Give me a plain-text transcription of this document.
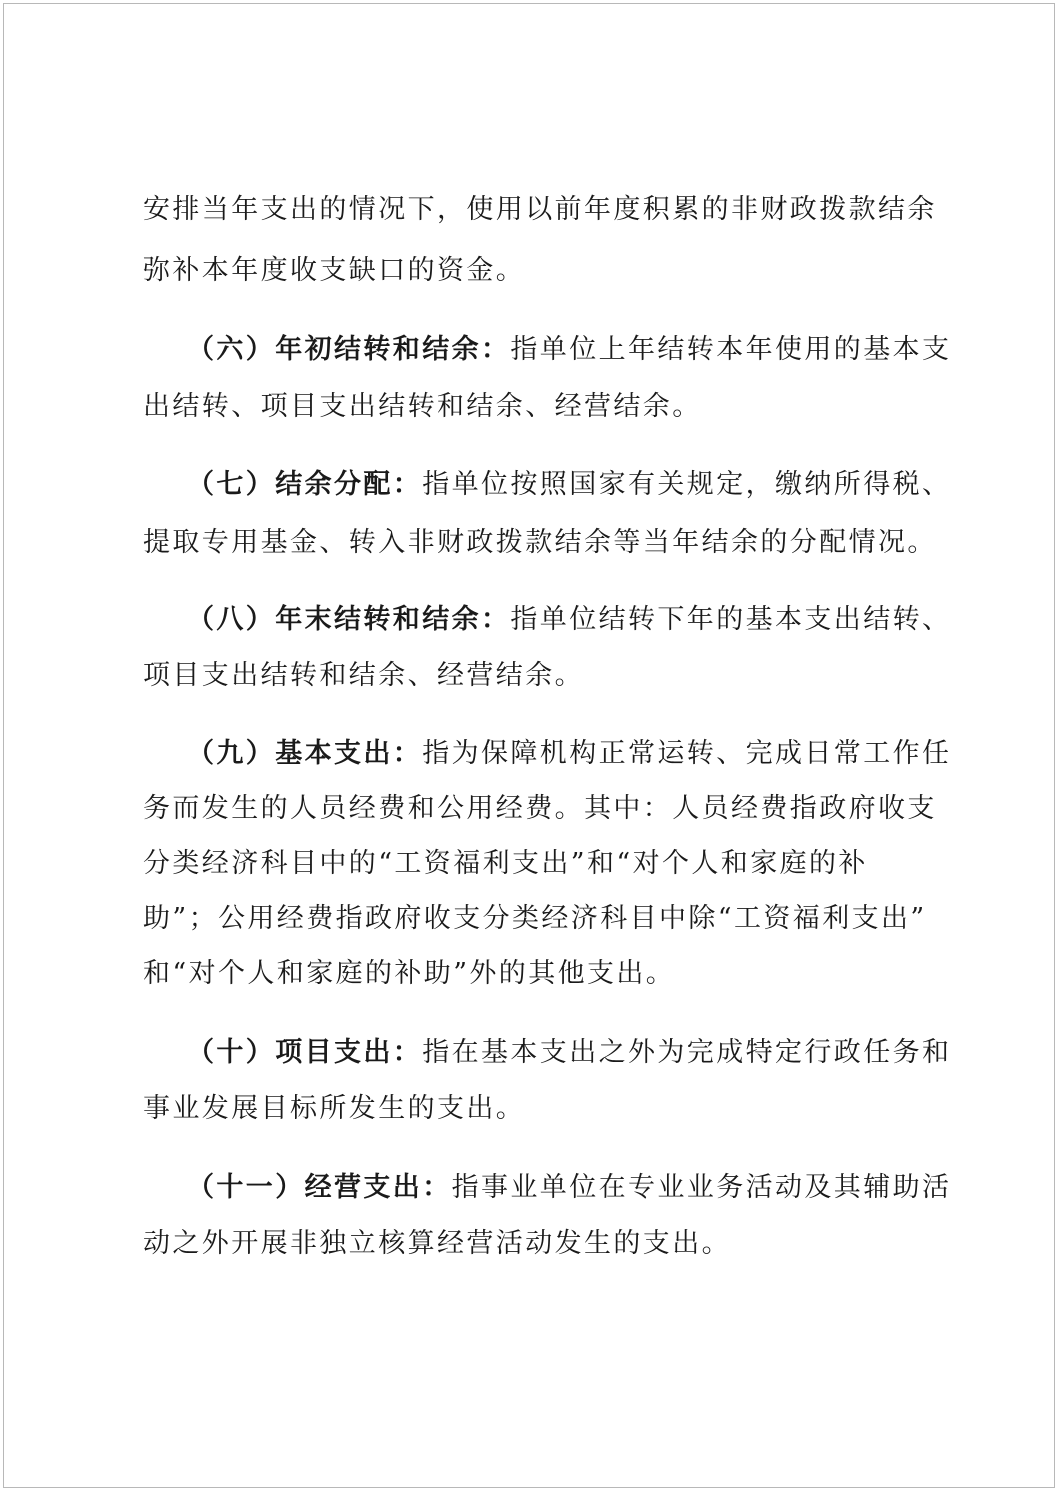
安排当年支出的情况下，使用以前年度积累的非财政拨款结余
弥补本年度收支缺口的资金。
（六）年初结转和结余：指单位上年结转本年使用的基本支
出结转、项目支出结转和结余、经营结余。
（七）结余分配：指单位按照国家有关规定，缴纳所得税、
提取专用基金、转入非财政拨款结余等当年结余的分配情况。
（八）年末结转和结余：指单位结转下年的基本支出结转、
项目支出结转和结余、经营结余。
（九）基本支出：指为保障机构正常运转、完成日常工作任
务而发生的人员经费和公用经费。其中：人员经费指政府收支
分类经济科目中的“工资福利支出”和“对个人和家庭的补
助”；公用经费指政府收支分类经济科目中除“工资福利支出”
和“对个人和家庭的补助”外的其他支出。
（十）项目支出：指在基本支出之外为完成特定行政任务和
事业发展目标所发生的支出。
（十一）经营支出：指事业单位在专业业务活动及其辅助活
动之外开展非独立核算经营活动发生的支出。
